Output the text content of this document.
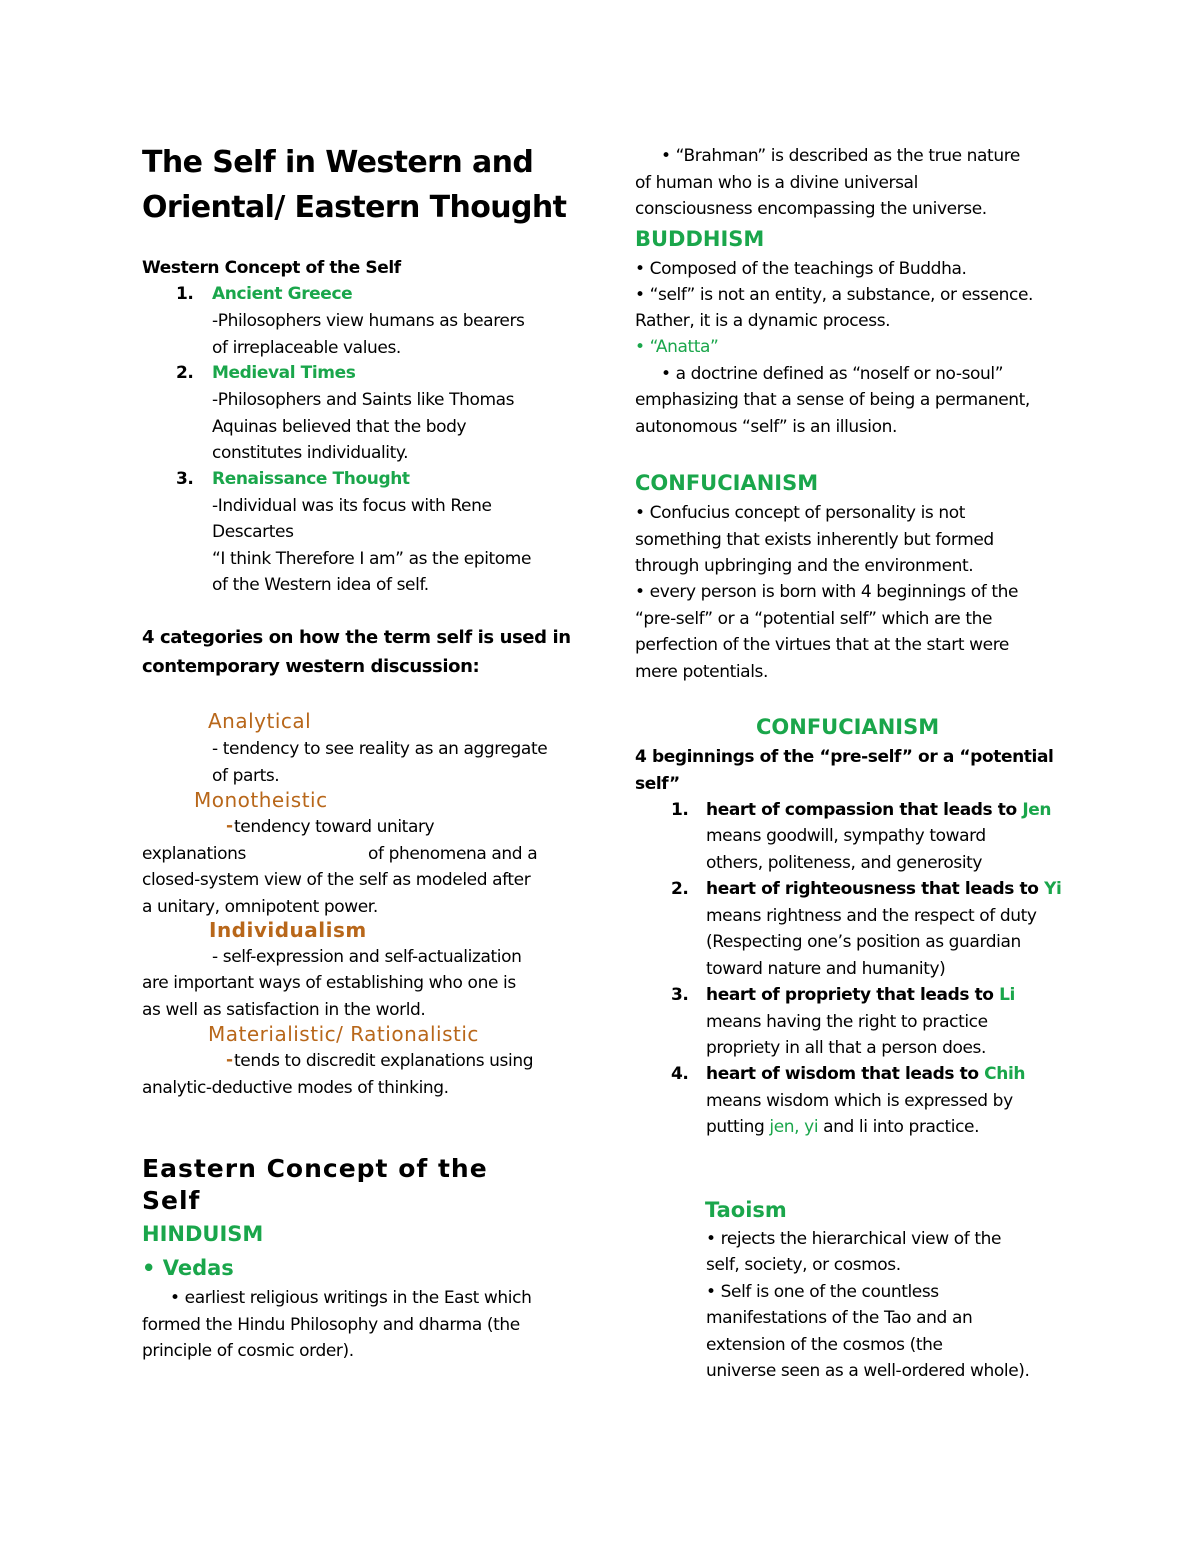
The Self in Western and
Oriental/ Eastern Thought
Western Concept of the Self
1. Ancient Greece
-Philosophers view humans as bearers
of irreplaceable values.
2. Medieval Times
-Philosophers and Saints like Thomas
Aquinas believed that the body
constitutes individuality.
3. Renaissance Thought
-Individual was its focus with Rene
Descartes
“I think Therefore I am” as the epitome
of the Western idea of self.
4 categories on how the term self is used in
contemporary western discussion:
Analytical
- tendency to see reality as an aggregate
of parts.
Monotheistic
- tendency toward unitary
explanations	of phenomena and a
closed-system view of the self as modeled after
a unitary, omnipotent power.
Individualism
- self-expression and self-actualization
are important ways of establishing who one is
as well as satisfaction in the world.
Materialistic/ Rationalistic
- tends to discredit explanations using
analytic-deductive modes of thinking.
Eastern Concept of the
Self
HINDUISM
• Vedas
• earliest religious writings in the East which
formed the Hindu Philosophy and dharma (the
principle of cosmic order).
• “Brahman” is described as the true nature
of human who is a divine universal
consciousness encompassing the universe.
BUDDHISM
• Composed of the teachings of Buddha.
• “self” is not an entity, a substance, or essence.
Rather, it is a dynamic process.
• “Anatta”
• a doctrine defined as “noself or no-soul”
emphasizing that a sense of being a permanent,
autonomous “self” is an illusion.
CONFUCIANISM
• Confucius concept of personality is not
something that exists inherently but formed
through upbringing and the environment.
• every person is born with 4 beginnings of the
“pre-self” or a “potential self” which are the
perfection of the virtues that at the start were
mere potentials.
CONFUCIANISM
4 beginnings of the “pre-self” or a “potential
self”
1. heart of compassion that leads to Jen
means goodwill, sympathy toward
others, politeness, and generosity
2. heart of righteousness that leads to Yi
means rightness and the respect of duty
(Respecting one’s position as guardian
toward nature and humanity)
3. heart of propriety that leads to Li
means having the right to practice
propriety in all that a person does.
4. heart of wisdom that leads to Chih
means wisdom which is expressed by
putting jen, yi and li into practice.
Taoism
• rejects the hierarchical view of the
self, society, or cosmos.
• Self is one of the countless
manifestations of the Tao and an
extension of the cosmos (the
universe seen as a well-ordered whole).
